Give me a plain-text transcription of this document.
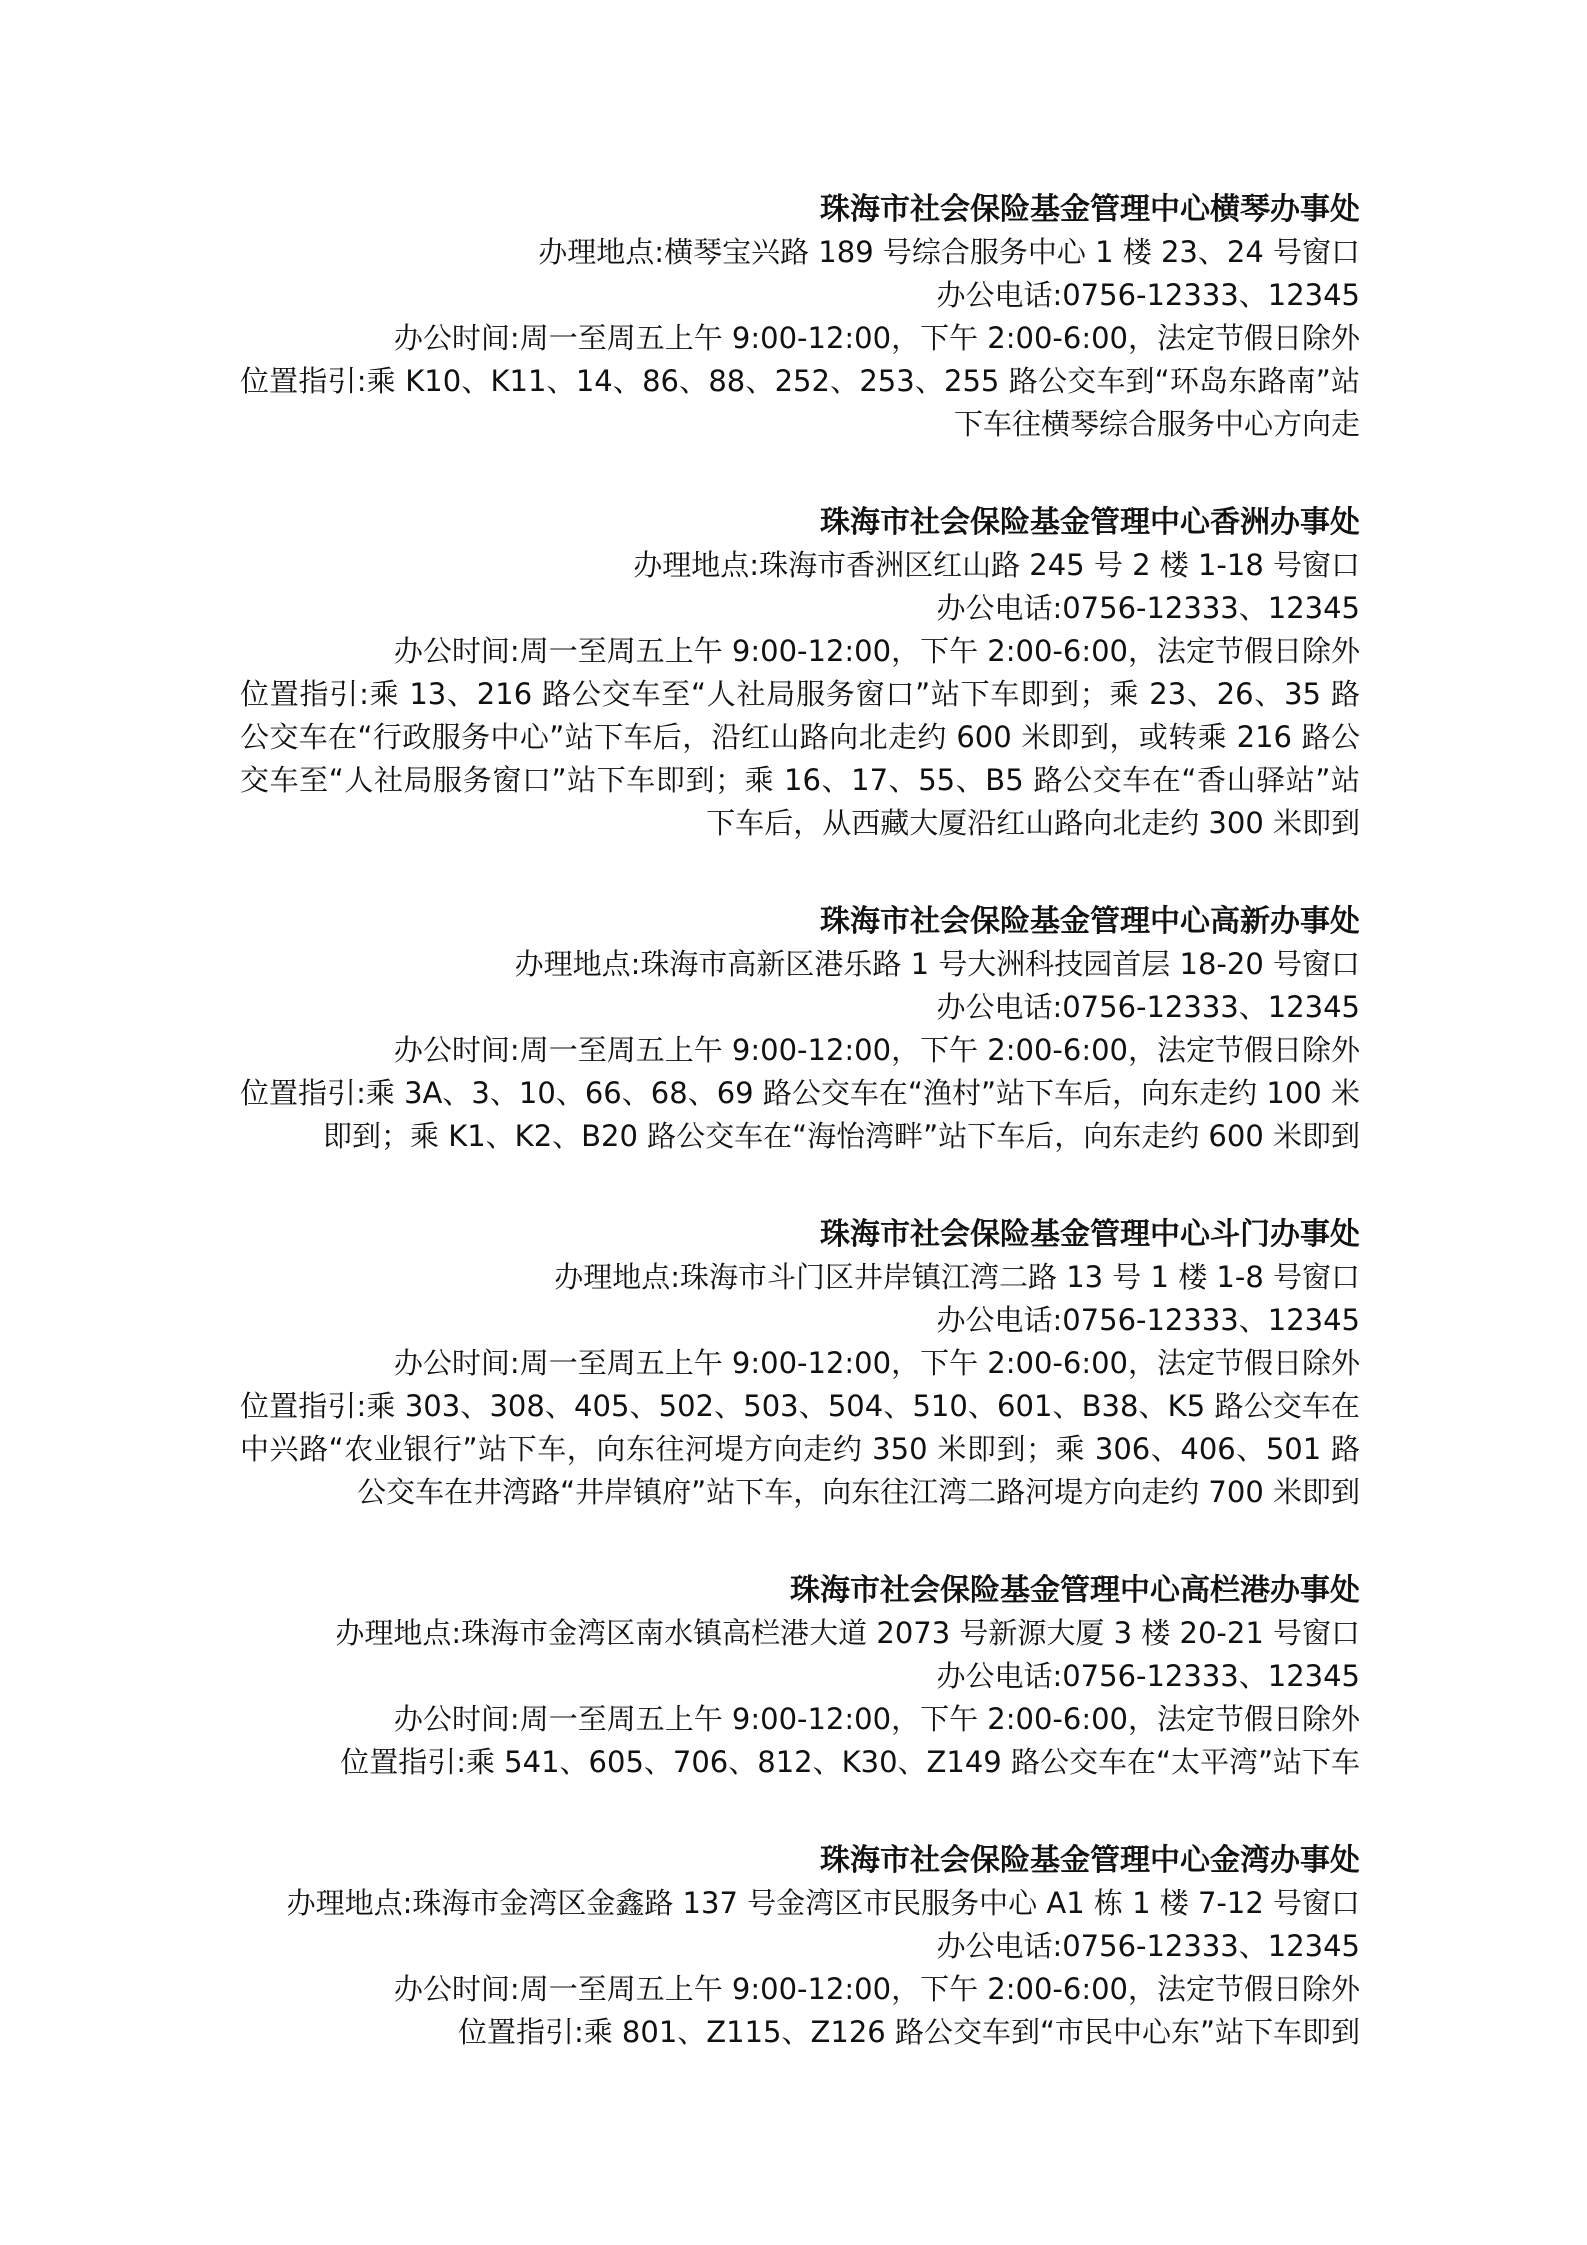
珠海市社会保险基金管理中心横琴办事处

办理地点:横琴宝兴路 189 号综合服务中心 1 楼 23、24 号窗口

办公电话:0756-12333、12345

办公时间:周一至周五上午 9:00-12:00，下午 2:00-6:00，法定节假日除外

位置指引:乘 K10、K11、14、86、88、252、253、255 路公交车到“环岛东路南”站下车往横琴综合服务中心方向走

珠海市社会保险基金管理中心香洲办事处

办理地点:珠海市香洲区红山路 245 号 2 楼 1-18 号窗口

办公电话:0756-12333、12345

办公时间:周一至周五上午 9:00-12:00，下午 2:00-6:00，法定节假日除外

位置指引:乘 13、216 路公交车至“人社局服务窗口”站下车即到；乘 23、26、35 路公交车在“行政服务中心”站下车后，沿红山路向北走约 600 米即到，或转乘 216 路公交车至“人社局服务窗口”站下车即到；乘 16、17、55、B5 路公交车在“香山驿站”站下车后，从西藏大厦沿红山路向北走约 300 米即到

珠海市社会保险基金管理中心高新办事处

办理地点:珠海市高新区港乐路 1 号大洲科技园首层 18-20 号窗口

办公电话:0756-12333、12345

办公时间:周一至周五上午 9:00-12:00，下午 2:00-6:00，法定节假日除外

位置指引:乘 3A、3、10、66、68、69 路公交车在“渔村”站下车后，向东走约 100 米即到；乘 K1、K2、B20 路公交车在“海怡湾畔”站下车后，向东走约 600 米即到

珠海市社会保险基金管理中心斗门办事处

办理地点:珠海市斗门区井岸镇江湾二路 13 号 1 楼 1-8 号窗口

办公电话:0756-12333、12345

办公时间:周一至周五上午 9:00-12:00，下午 2:00-6:00，法定节假日除外

位置指引:乘 303、308、405、502、503、504、510、601、B38、K5 路公交车在中兴路“农业银行”站下车，向东往河堤方向走约 350 米即到；乘 306、406、501 路公交车在井湾路“井岸镇府”站下车，向东往江湾二路河堤方向走约 700 米即到

珠海市社会保险基金管理中心高栏港办事处

办理地点:珠海市金湾区南水镇高栏港大道 2073 号新源大厦 3 楼 20-21 号窗口

办公电话:0756-12333、12345

办公时间:周一至周五上午 9:00-12:00，下午 2:00-6:00，法定节假日除外

位置指引:乘 541、605、706、812、K30、Z149 路公交车在“太平湾”站下车

珠海市社会保险基金管理中心金湾办事处

办理地点:珠海市金湾区金鑫路 137 号金湾区市民服务中心 A1 栋 1 楼 7-12 号窗口

办公电话:0756-12333、12345

办公时间:周一至周五上午 9:00-12:00，下午 2:00-6:00，法定节假日除外

位置指引:乘 801、Z115、Z126 路公交车到“市民中心东”站下车即到
